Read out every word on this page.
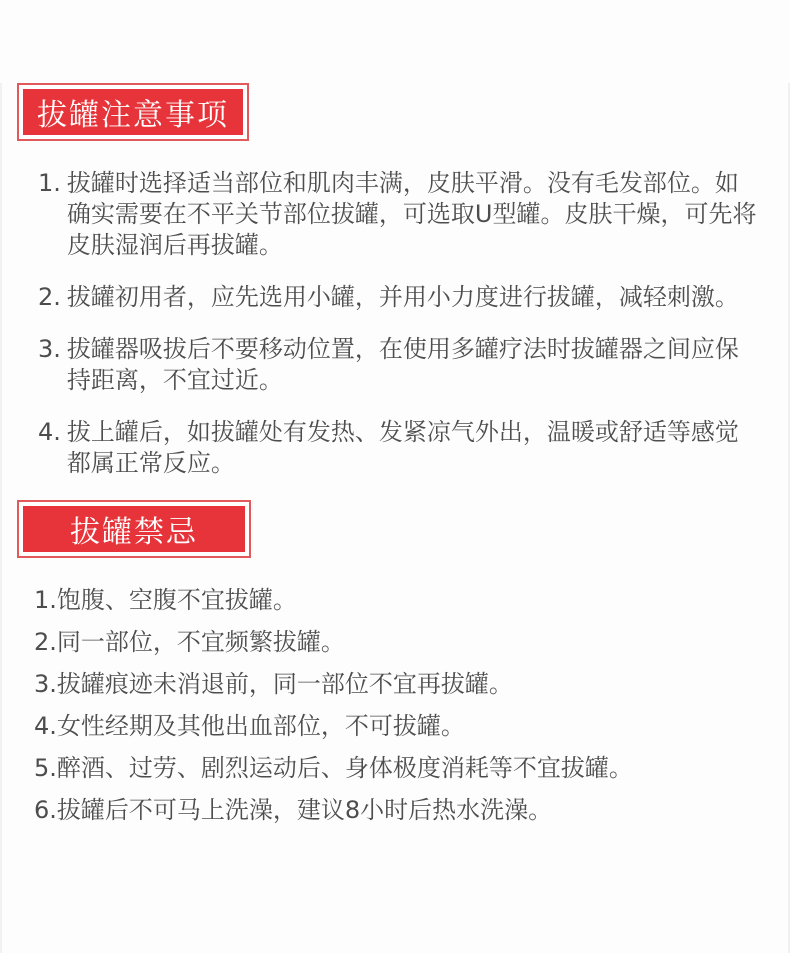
拔罐注意事项
1. 拔罐时选择适当部位和肌肉丰满，皮肤平滑。没有毛发部位。如确实需要在不平关节部位拔罐，可选取U型罐。皮肤干燥，可先将皮肤湿润后再拔罐。
2. 拔罐初用者，应先选用小罐，并用小力度进行拔罐，减轻刺激。
3. 拔罐器吸拔后不要移动位置，在使用多罐疗法时拔罐器之间应保持距离，不宜过近。
4. 拔上罐后，如拔罐处有发热、发紧凉气外出，温暖或舒适等感觉都属正常反应。
拔罐禁忌
1. 饱腹、空腹不宜拔罐。
2. 同一部位，不宜频繁拔罐。
3. 拔罐痕迹未消退前，同一部位不宜再拔罐。
4. 女性经期及其他出血部位，不可拔罐。
5. 醉酒、过劳、剧烈运动后、身体极度消耗等不宜拔罐。
6. 拔罐后不可马上洗澡，建议8小时后热水洗澡。
